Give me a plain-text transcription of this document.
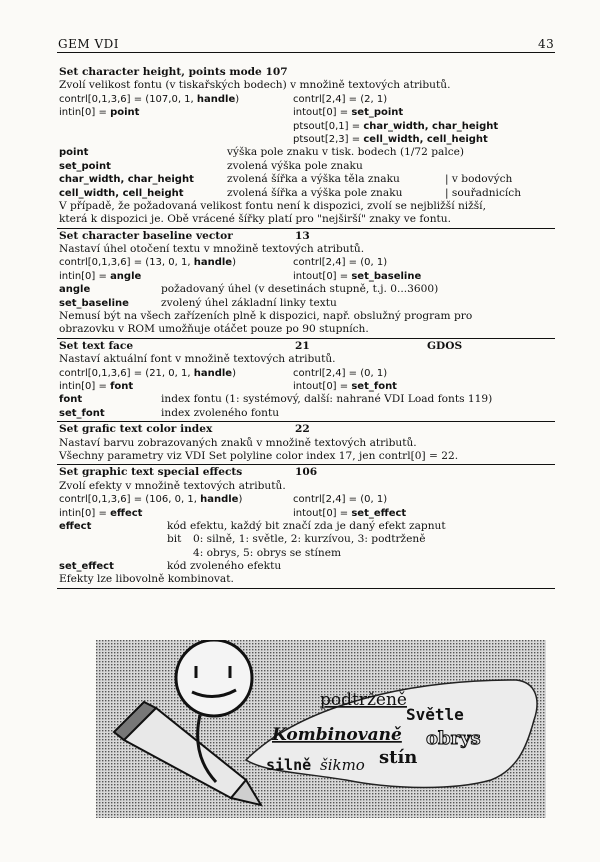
GEM VDI	43
Set character height, points mode 107
Zvolí velikost fontu (v tiskařských bodech) v množině textových atributů.
contrl[0,1,3,6] = (107,0, 1, handle)	contrl[2,4] = (2, 1)
intin[0] = point	intout[0] = set_point
ptsout[0,1] = char_width, char_height
ptsout[2,3] = cell_width, cell_height
point	výška pole znaku v tisk. bodech (1/72 palce)
set_point	zvolená výška pole znaku
char_width, char_height	zvolená šířka a výška těla znaku	| v bodových
cell_width, cell_height	zvolená šířka a výška pole znaku	| souřadnicích
V případě, že požadovaná velikost fontu není k dispozici, zvolí se nejbližší nižší,
která k dispozici je. Obě vrácené šířky platí pro "nejširší" znaky ve fontu.
Set character baseline vector	13
Nastaví úhel otočení textu v množině textových atributů.
contrl[0,1,3,6] = (13, 0, 1, handle)	contrl[2,4] = (0, 1)
intin[0] = angle	intout[0] = set_baseline
angle	požadovaný úhel (v desetinách stupně, t.j. 0...3600)
set_baseline	zvolený úhel základní linky textu
Nemusí být na všech zařízeních plně k dispozici, např. obslužný program pro
obrazovku v ROM umožňuje otáčet pouze po 90 stupních.
Set text face	21	GDOS
Nastaví aktuální font v množině textových atributů.
contrl[0,1,3,6] = (21, 0, 1, handle)	contrl[2,4] = (0, 1)
intin[0] = font	intout[0] = set_font
font	index fontu (1: systémový, další: nahrané VDI Load fonts 119)
set_font	index zvoleného fontu
Set grafic text color index	22
Nastaví barvu zobrazovaných znaků v množině textových atributů.
Všechny parametry viz VDI Set polyline color index 17, jen contrl[0] = 22.
Set graphic text special effects	106
Zvolí efekty v množině textových atributů.
contrl[0,1,3,6] = (106, 0, 1, handle)	contrl[2,4] = (0, 1)
intin[0] = effect	intout[0] = set_effect
effect	kód efektu, každý bit značí zda je daný efekt zapnut
bit 0: silně, 1: světle, 2: kurzívou, 3: podtrženě
4: obrys, 5: obrys se stínem
set_effect	kód zvoleného efektu
Efekty lze libovolně kombinovat.
podtrženě
Světle
Kombinovaně obrys
stín
silně šikmo
